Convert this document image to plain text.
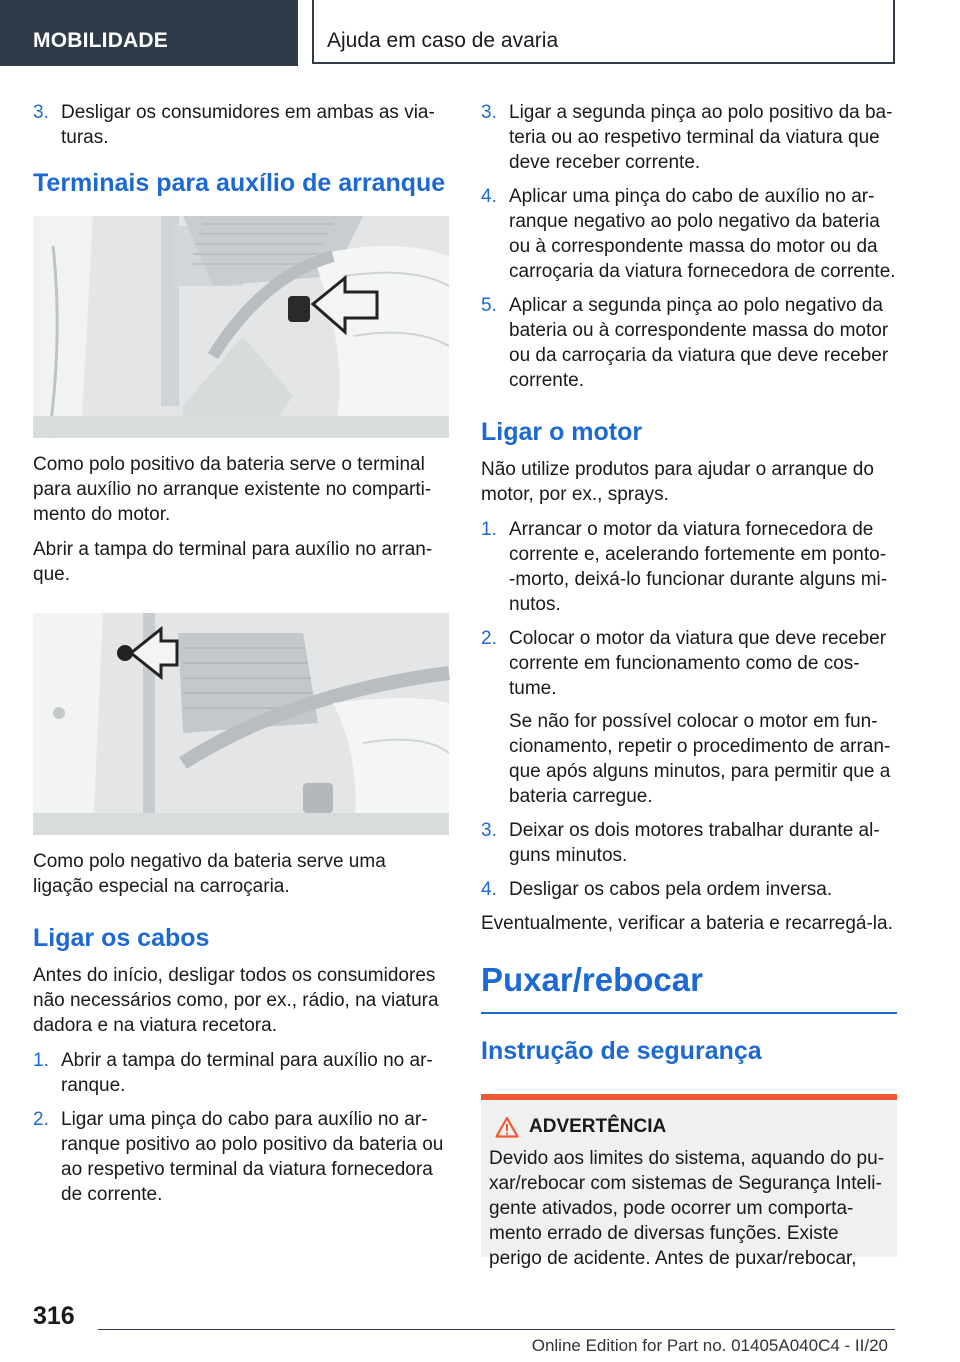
MOBILIDADE	Ajuda em caso de avaria
3. Desligar os consumidores em ambas as viaturas.
Terminais para auxílio de arranque

Como polo positivo da bateria serve o terminal para auxílio no arranque existente no compartimento do motor.

Abrir a tampa do terminal para auxílio no arranque.

Como polo negativo da bateria serve uma ligação especial na carroçaria.

Ligar os cabos

Antes do início, desligar todos os consumidores não necessários como, por ex., rádio, na viatura dadora e na viatura recetora.

1. Abrir a tampa do terminal para auxílio no arranque.
2. Ligar uma pinça do cabo para auxílio no arranque positivo ao polo positivo da bateria ou ao respetivo terminal da viatura fornecedora de corrente.
3. Ligar a segunda pinça ao polo positivo da bateria ou ao respetivo terminal da viatura que deve receber corrente.
4. Aplicar uma pinça do cabo de auxílio no arranque negativo ao polo negativo da bateria ou à correspondente massa do motor ou da carroçaria da viatura fornecedora de corrente.
5. Aplicar a segunda pinça ao polo negativo da bateria ou à correspondente massa do motor ou da carroçaria da viatura que deve receber corrente.
Ligar o motor

Não utilize produtos para ajudar o arranque do motor, por ex., sprays.

1. Arrancar o motor da viatura fornecedora de corrente e, acelerando fortemente em ponto-‑morto, deixá-lo funcionar durante alguns minutos.
2. Colocar o motor da viatura que deve receber corrente em funcionamento como de costume.
Se não for possível colocar o motor em funcionamento, repetir o procedimento de arranque após alguns minutos, para permitir que a bateria carregue.
3. Deixar os dois motores trabalhar durante alguns minutos.
4. Desligar os cabos pela ordem inversa.

Eventualmente, verificar a bateria e recarregá-la.

Puxar/rebocar
Instrução de segurança
ADVERTÊNCIA
Devido aos limites do sistema, aquando do puxar/rebocar com sistemas de Segurança Inteligente ativados, pode ocorrer um comportamento errado de diversas funções. Existe perigo de acidente. Antes de puxar/rebocar,
316
Online Edition for Part no. 01405A040C4 - II/20
